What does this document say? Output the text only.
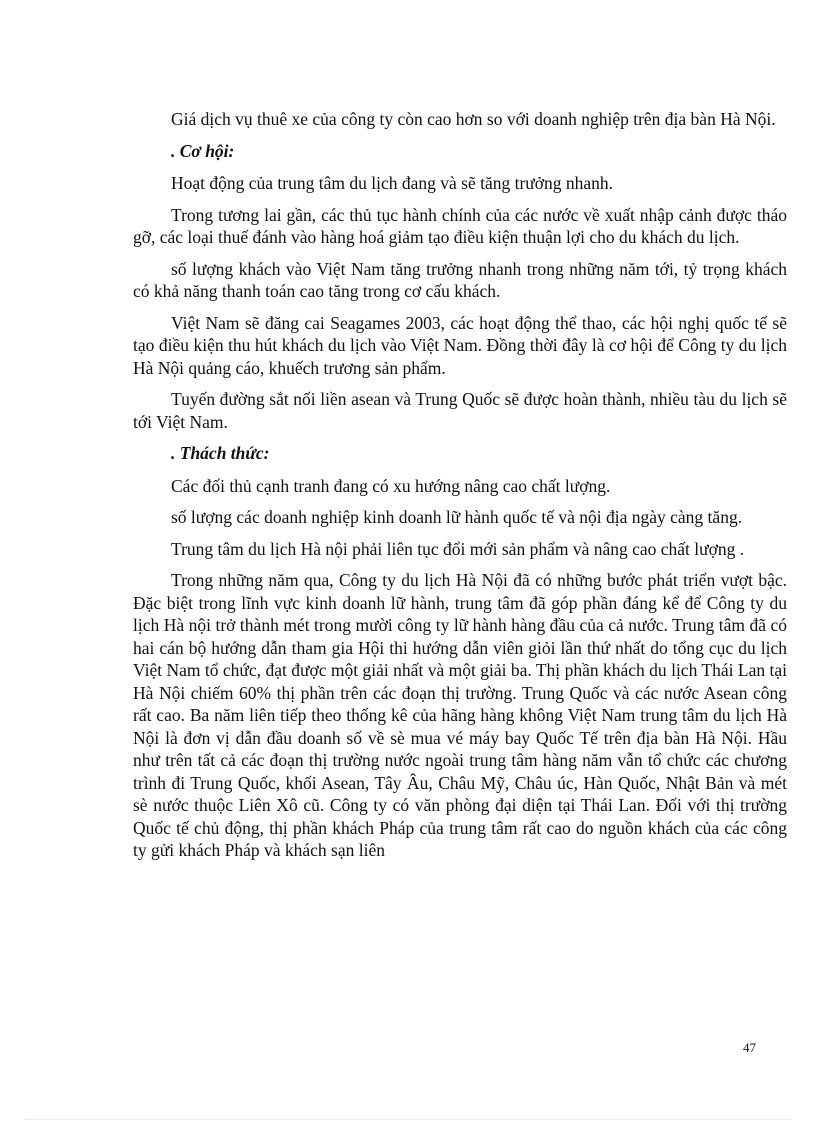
Giá dịch vụ thuê xe của công ty còn cao hơn so với doanh nghiệp trên địa bàn Hà Nội.

. Cơ hội:

Hoạt động của trung tâm du lịch đang và sẽ tăng trưởng nhanh.

Trong tương lai gần, các thủ tục hành chính của các nước về xuất nhập cảnh được tháo gỡ, các loại thuế đánh vào hàng hoá giảm tạo điều kiện thuận lợi cho du khách du lịch.

số lượng khách vào Việt Nam tăng trưởng nhanh trong những năm tới, tỷ trọng khách có khả năng thanh toán cao tăng trong cơ cấu khách.

Việt Nam sẽ đăng cai Seagames 2003, các hoạt động thể thao, các hội nghị quốc tế sẽ tạo điều kiện thu hút khách du lịch vào Việt Nam. Đồng thời đây là cơ hội để Công ty du lịch Hà Nội quảng cáo, khuếch trương sản phẩm.

Tuyến đường sắt nối liền asean và Trung Quốc sẽ được hoàn thành, nhiều tàu du lịch sẽ tới Việt Nam.

. Thách thức:

Các đối thủ cạnh tranh đang có xu hướng nâng cao chất lượng.

số lượng các doanh nghiệp kinh doanh lữ hành quốc tế và nội địa ngày càng tăng.

Trung tâm du lịch Hà nội phải liên tục đổi mới sản phẩm và nâng cao chất lượng .

Trong những năm qua, Công ty du lịch Hà Nội đã có những bước phát triển vượt bậc. Đặc biệt trong lĩnh vực kinh doanh lữ hành, trung tâm đã góp phần đáng kể để Công ty du lịch Hà nội trở thành mét trong mười công ty lữ hành hàng đầu của cả nước. Trung tâm đã có hai cán bộ hướng dẫn tham gia Hội thi hướng dẫn viên giỏi lần thứ nhất do tổng cục du lịch Việt Nam tổ chức, đạt được một giải nhất và một giải ba. Thị phần khách du lịch Thái Lan tại Hà Nội chiếm 60% thị phần trên các đoạn thị trường. Trung Quốc và các nước Asean công rất cao. Ba năm liên tiếp theo thống kê của hãng hàng không Việt Nam trung tâm du lịch Hà Nội là đơn vị dẫn đầu doanh số về sè mua vé máy bay Quốc Tế trên địa bàn Hà Nội. Hầu như trên tất cả các đoạn thị trường nước ngoài trung tâm hàng năm vẫn tổ chức các chương trình đi Trung Quốc, khối Asean, Tây Âu, Châu Mỹ, Châu úc, Hàn Quốc, Nhật Bản và mét sè nước thuộc Liên Xô cũ. Công ty có văn phòng đại diện tại Thái Lan. Đối với thị trường Quốc tế chủ động, thị phần khách Pháp của trung tâm rất cao do nguồn khách của các công ty gửi khách Pháp và khách sạn liên

47
